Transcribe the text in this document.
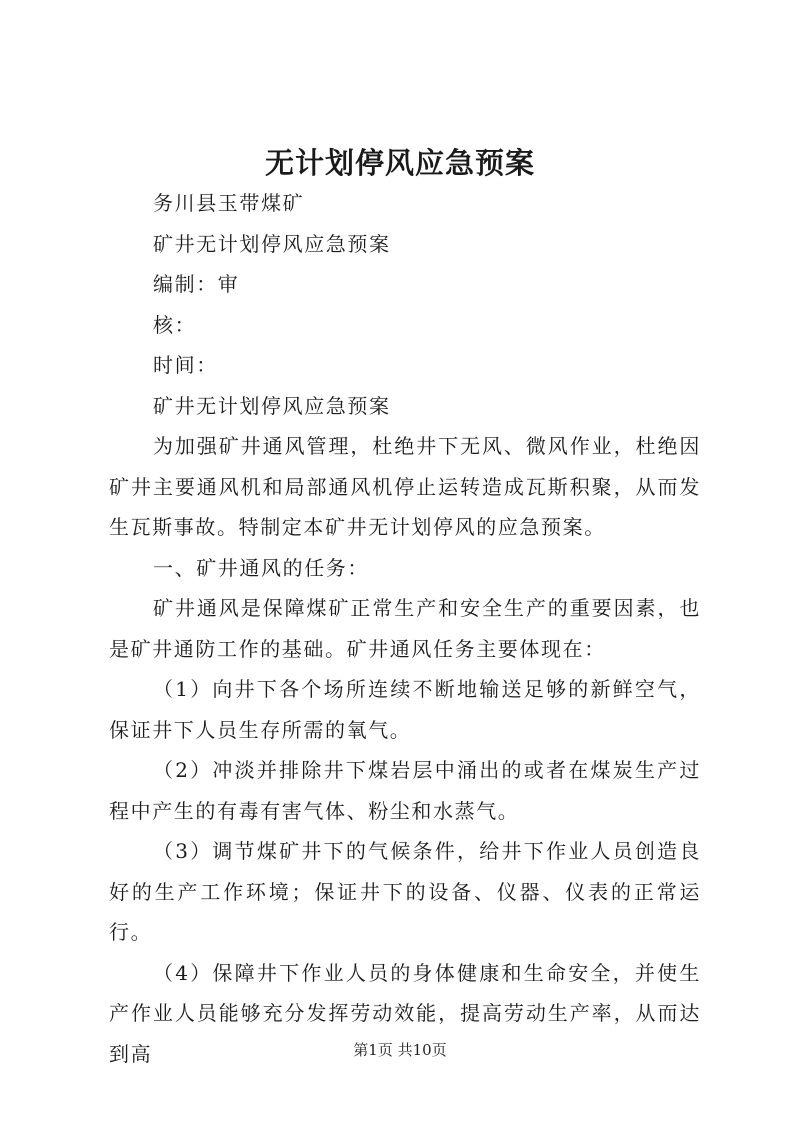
无计划停风应急预案

务川县玉带煤矿

矿井无计划停风应急预案

编制：审

核：

时间：

矿井无计划停风应急预案

为加强矿井通风管理，杜绝井下无风、微风作业，杜绝因矿井主要通风机和局部通风机停止运转造成瓦斯积聚，从而发生瓦斯事故。特制定本矿井无计划停风的应急预案。

一、矿井通风的任务：

矿井通风是保障煤矿正常生产和安全生产的重要因素，也是矿井通防工作的基础。矿井通风任务主要体现在：

（1）向井下各个场所连续不断地输送足够的新鲜空气，保证井下人员生存所需的氧气。

（2）冲淡并排除井下煤岩层中涌出的或者在煤炭生产过程中产生的有毒有害气体、粉尘和水蒸气。

（3）调节煤矿井下的气候条件，给井下作业人员创造良好的生产工作环境；保证井下的设备、仪器、仪表的正常运行。

（4）保障井下作业人员的身体健康和生命安全，并使生产作业人员能够充分发挥劳动效能，提高劳动生产率，从而达到高	第1页 共10页
